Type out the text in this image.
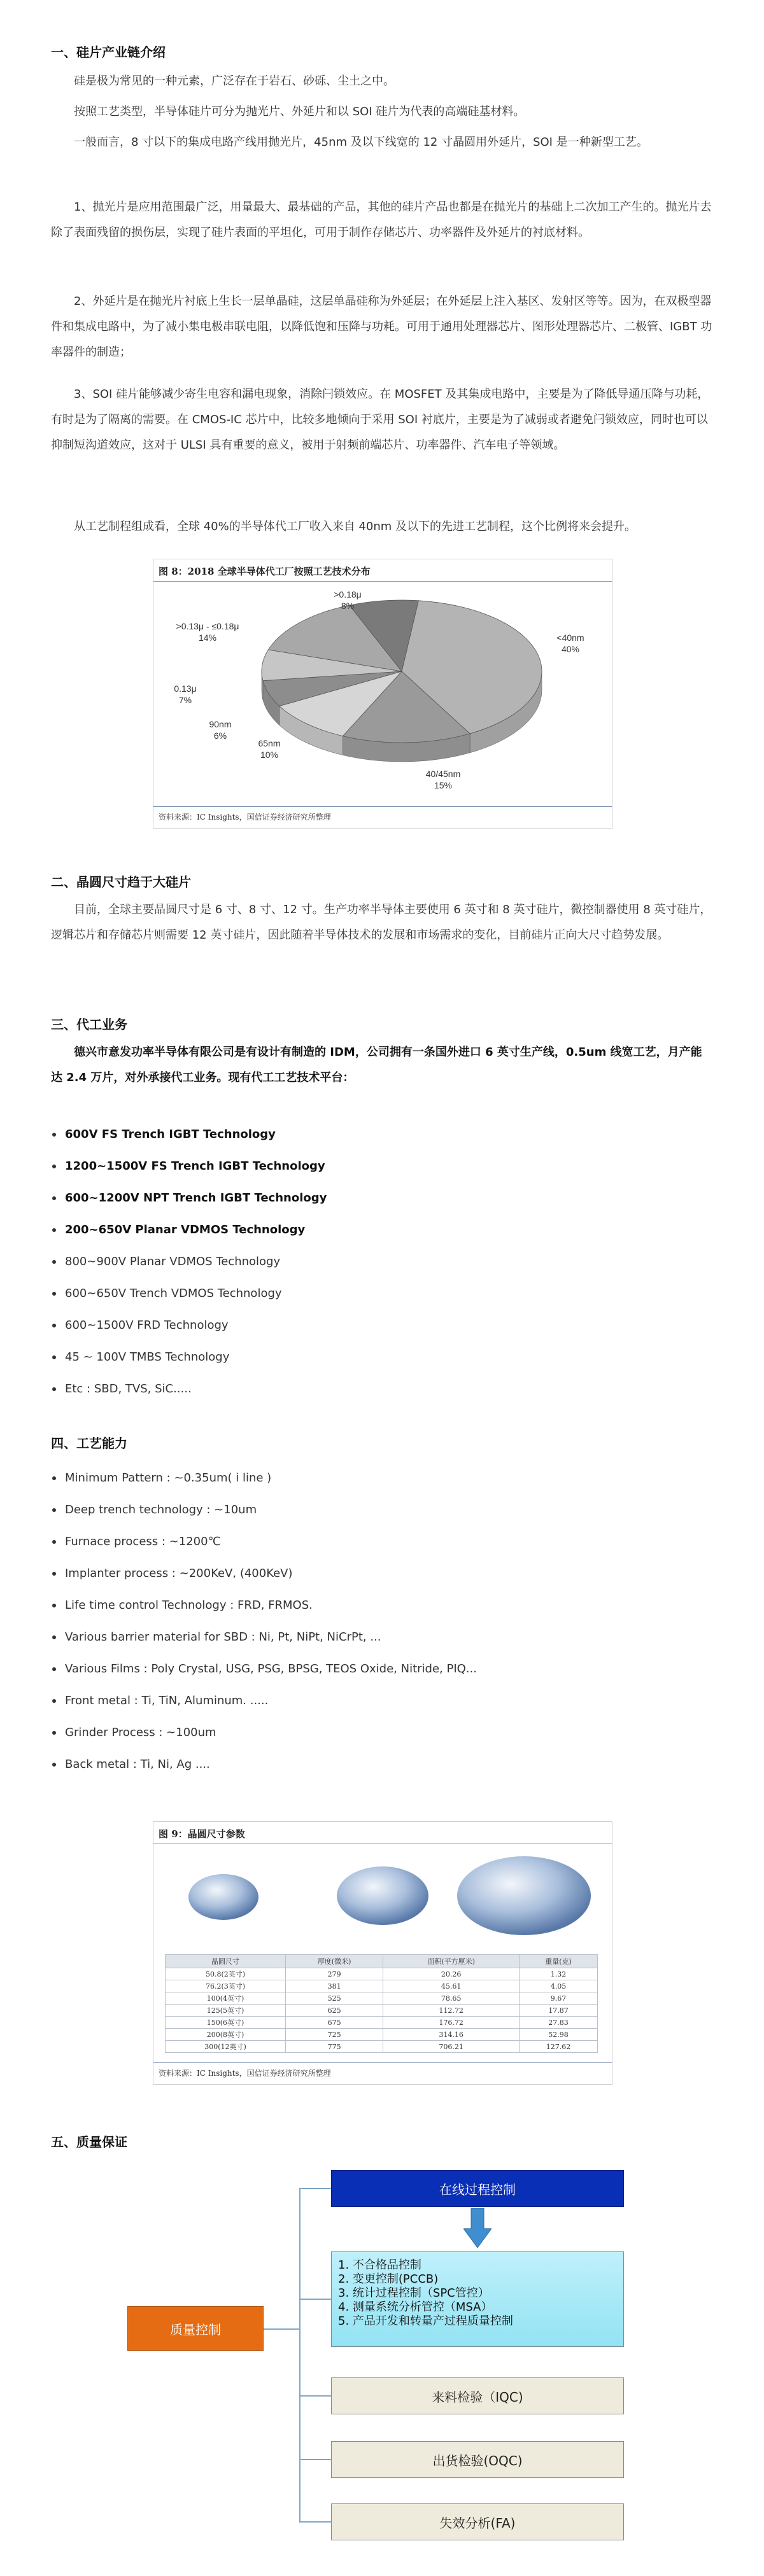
一、硅片产业链介绍
硅是极为常见的一种元素，广泛存在于岩石、砂砾、尘土之中。
按照工艺类型，半导体硅片可分为抛光片、外延片和以 SOI 硅片为代表的高端硅基材料。
一般而言，8 寸以下的集成电路产线用抛光片，45nm 及以下线宽的 12 寸晶圆用外延片，SOI 是一种新型工艺。
1、抛光片是应用范围最广泛，用量最大、最基础的产品，其他的硅片产品也都是在抛光片的基础上二次加工产生的。抛光片去除了表面残留的损伤层，实现了硅片表面的平坦化，可用于制作存储芯片、功率器件及外延片的衬底材料。
2、外延片是在抛光片衬底上生长一层单晶硅，这层单晶硅称为外延层；在外延层上注入基区、发射区等等。因为，在双极型器件和集成电路中，为了减小集电极串联电阻，以降低饱和压降与功耗。可用于通用处理器芯片、图形处理器芯片、二极管、IGBT 功率器件的制造；
3、SOI 硅片能够减少寄生电容和漏电现象，消除闩锁效应。在 MOSFET 及其集成电路中，主要是为了降低导通压降与功耗，有时是为了隔离的需要。在 CMOS-IC 芯片中，比较多地倾向于采用 SOI 衬底片，主要是为了减弱或者避免闩锁效应，同时也可以抑制短沟道效应，这对于 ULSI 具有重要的意义，被用于射频前端芯片、功率器件、汽车电子等领域。
从工艺制程组成看，全球 40%的半导体代工厂收入来自 40nm 及以下的先进工艺制程，这个比例将来会提升。
图 8：2018 全球半导体代工厂按照工艺技术分布
<40nm
40%
40/45nm
15%
65nm
10%
90nm
6%
0.13μ
7%
>0.13μ - ≤0.18μ
14%
>0.18μ
8%
资料来源：IC Insights，国信证券经济研究所整理
二、晶圆尺寸趋于大硅片
目前，全球主要晶圆尺寸是 6 寸、8 寸、12 寸。生产功率半导体主要使用 6 英寸和 8 英寸硅片，微控制器使用 8 英寸硅片，逻辑芯片和存储芯片则需要 12 英寸硅片，因此随着半导体技术的发展和市场需求的变化，目前硅片正向大尺寸趋势发展。
三、代工业务
德兴市意发功率半导体有限公司是有设计有制造的 IDM，公司拥有一条国外进口 6 英寸生产线，0.5um 线宽工艺，月产能达 2.4 万片，对外承接代工业务。现有代工工艺技术平台：
600V FS Trench IGBT Technology
1200~1500V FS Trench IGBT Technology
600~1200V NPT Trench IGBT Technology
200~650V Planar VDMOS Technology
800~900V Planar VDMOS Technology
600~650V Trench VDMOS Technology
600~1500V FRD Technology
45 ~ 100V TMBS Technology
Etc : SBD, TVS, SiC.....
四、工艺能力
Minimum Pattern : ~0.35um( i line )
Deep trench technology : ~10um
Furnace process : ~1200℃
Implanter process : ~200KeV, (400KeV)
Life time control Technology : FRD, FRMOS.
Various barrier material for SBD : Ni, Pt, NiPt, NiCrPt, ...
Various Films : Poly Crystal, USG, PSG, BPSG, TEOS Oxide, Nitride, PIQ...
Front metal : Ti, TiN, Aluminum. .....
Grinder Process : ~100um
Back metal : Ti, Ni, Ag ....
图 9：晶圆尺寸参数
晶圆尺寸	厚度(微米)	面积(平方厘米)	重量(克)
50.8(2英寸)	279	20.26	1.32
76.2(3英寸)	381	45.61	4.05
100(4英寸)	525	78.65	9.67
125(5英寸)	625	112.72	17.87
150(6英寸)	675	176.72	27.83
200(8英寸)	725	314.16	52.98
300(12英寸)	775	706.21	127.62
资料来源：IC Insights，国信证券经济研究所整理
五、质量保证
质量控制
在线过程控制
1. 不合格品控制
2. 变更控制(PCCB)
3. 统计过程控制（SPC管控）
4. 测量系统分析管控（MSA）
5. 产品开发和转量产过程质量控制
来料检验（IQC)
出货检验(OQC)
失效分析(FA)
